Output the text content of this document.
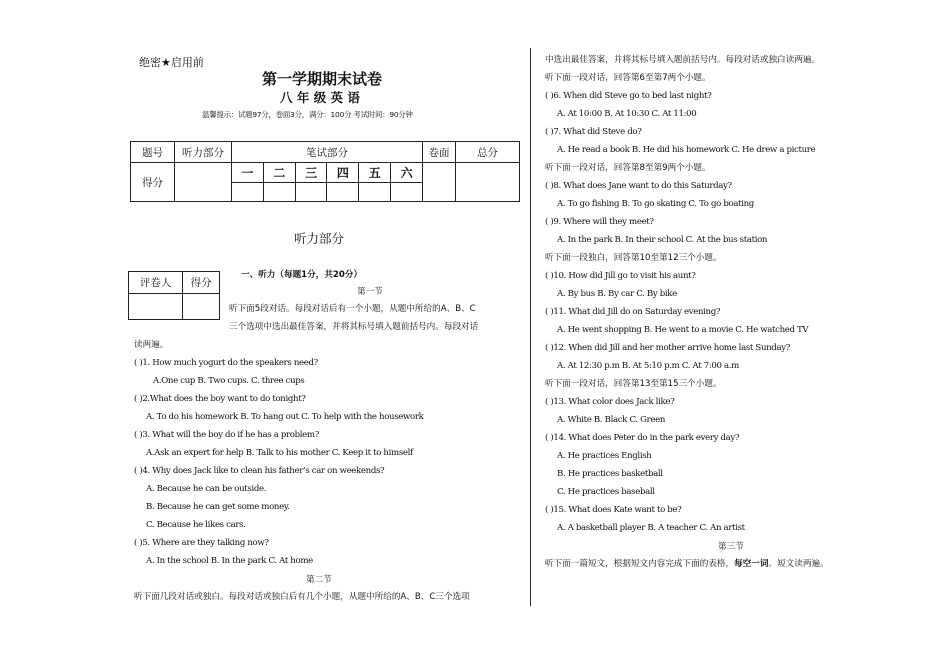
绝密★启用前
第一学期期末试卷
八 年 级 英 语
温馨提示：试题97分，卷面3分，满分：100分 考试时间：90分钟
题号	听力部分	笔试部分						卷面	总分
得分		一	二	三	四	五	六		

听力部分
评卷人	得分

一、听力（每题1分，共20分）
第一节
听下面5段对话。每段对话后有一个小题，从题中所给的A、B、C
三个选项中选出最佳答案，并将其标号填入题前括号内。每段对话
读两遍。
( )1. How much yogurt do the speakers need?
A.One cup B. Two cups. C. three cups
( )2.What does the boy want to do tonight?
A. To do his homework B. To hang out C. To help with the housework
( )3. What will the boy do if he has a problem?
A.Ask an expert for help B. Talk to his mother C. Keep it to himself
( )4. Why does Jack like to clean his father’s car on weekends?
A. Because he can be outside.
B. Because he can get some money.
C. Because he likes cars.
( )5. Where are they talking now?
A. In the school B. In the park C. At home
第二节
听下面几段对话或独白。每段对话或独白后有几个小题，从题中所给的A、B、C三个选项
中选出最佳答案，并将其标号填入题前括号内。每段对话或独白读两遍。
听下面一段对话，回答第6至第7两个小题。
( )6. When did Steve go to bed last night?
A. At 10:00 B. At 10:30 C. At 11:00
( )7. What did Steve do?
A. He read a book B. He did his homework C. He drew a picture
听下面一段对话，回答第8至第9两个小题。
( )8. What does Jane want to do this Saturday?
A. To go fishing B. To go skating C. To go boating
( )9. Where will they meet?
A. In the park B. In their school C. At the bus station
听下面一段独白，回答第10至第12三个小题。
( )10. How did Jill go to visit his aunt?
A. By bus B. By car C. By bike
( )11. What did Jill do on Saturday evening?
A. He went shopping B. He went to a movie C. He watched TV
( )12. When did Jill and her mother arrive home last Sunday?
A. At 12:30 p.m B. At 5:10 p.m C. At 7:00 a.m
听下面一段对话，回答第13至第15三个小题。
( )13. What color does Jack like?
A. White B. Black C. Green
( )14. What does Peter do in the park every day?
A. He practices English
B. He practices basketball
C. He practices baseball
( )15. What does Kate want to be?
A. A basketball player B. A teacher C. An artist
第三节
听下面一篇短文，根据短文内容完成下面的表格，每空一词。短文读两遍。
